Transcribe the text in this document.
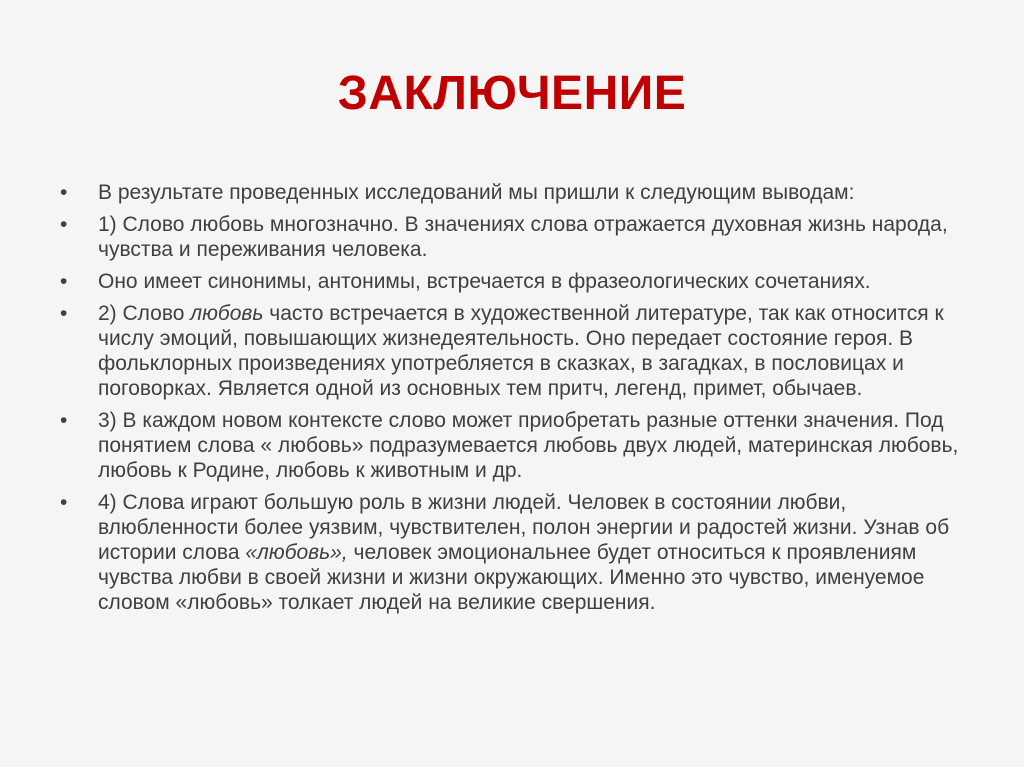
ЗАКЛЮЧЕНИЕ
•	В результате проведенных исследований мы пришли к следующим выводам:
•	1) Слово любовь многозначно. В значениях слова отражается духовная жизнь народа, чувства и переживания человека.
•	Оно имеет синонимы, антонимы, встречается в фразеологических сочетаниях.
•	2) Слово любовь часто встречается в художественной литературе, так как относится к числу эмоций, повышающих жизнедеятельность. Оно передает состояние героя. В фольклорных произведениях употребляется в сказках, в загадках, в пословицах и поговорках. Является одной из основных тем притч, легенд, примет, обычаев.
•	3) В каждом новом контексте слово может приобретать разные оттенки значения. Под понятием слова « любовь» подразумевается любовь двух людей, материнская любовь, любовь к Родине, любовь к животным и др.
•	4) Слова играют большую роль в жизни людей. Человек в состоянии любви, влюбленности более уязвим, чувствителен, полон энергии и радостей жизни. Узнав об истории слова «любовь», человек эмоциональнее будет относиться к проявлениям чувства любви в своей жизни и жизни окружающих. Именно это чувство, именуемое словом «любовь» толкает людей на великие свершения.
